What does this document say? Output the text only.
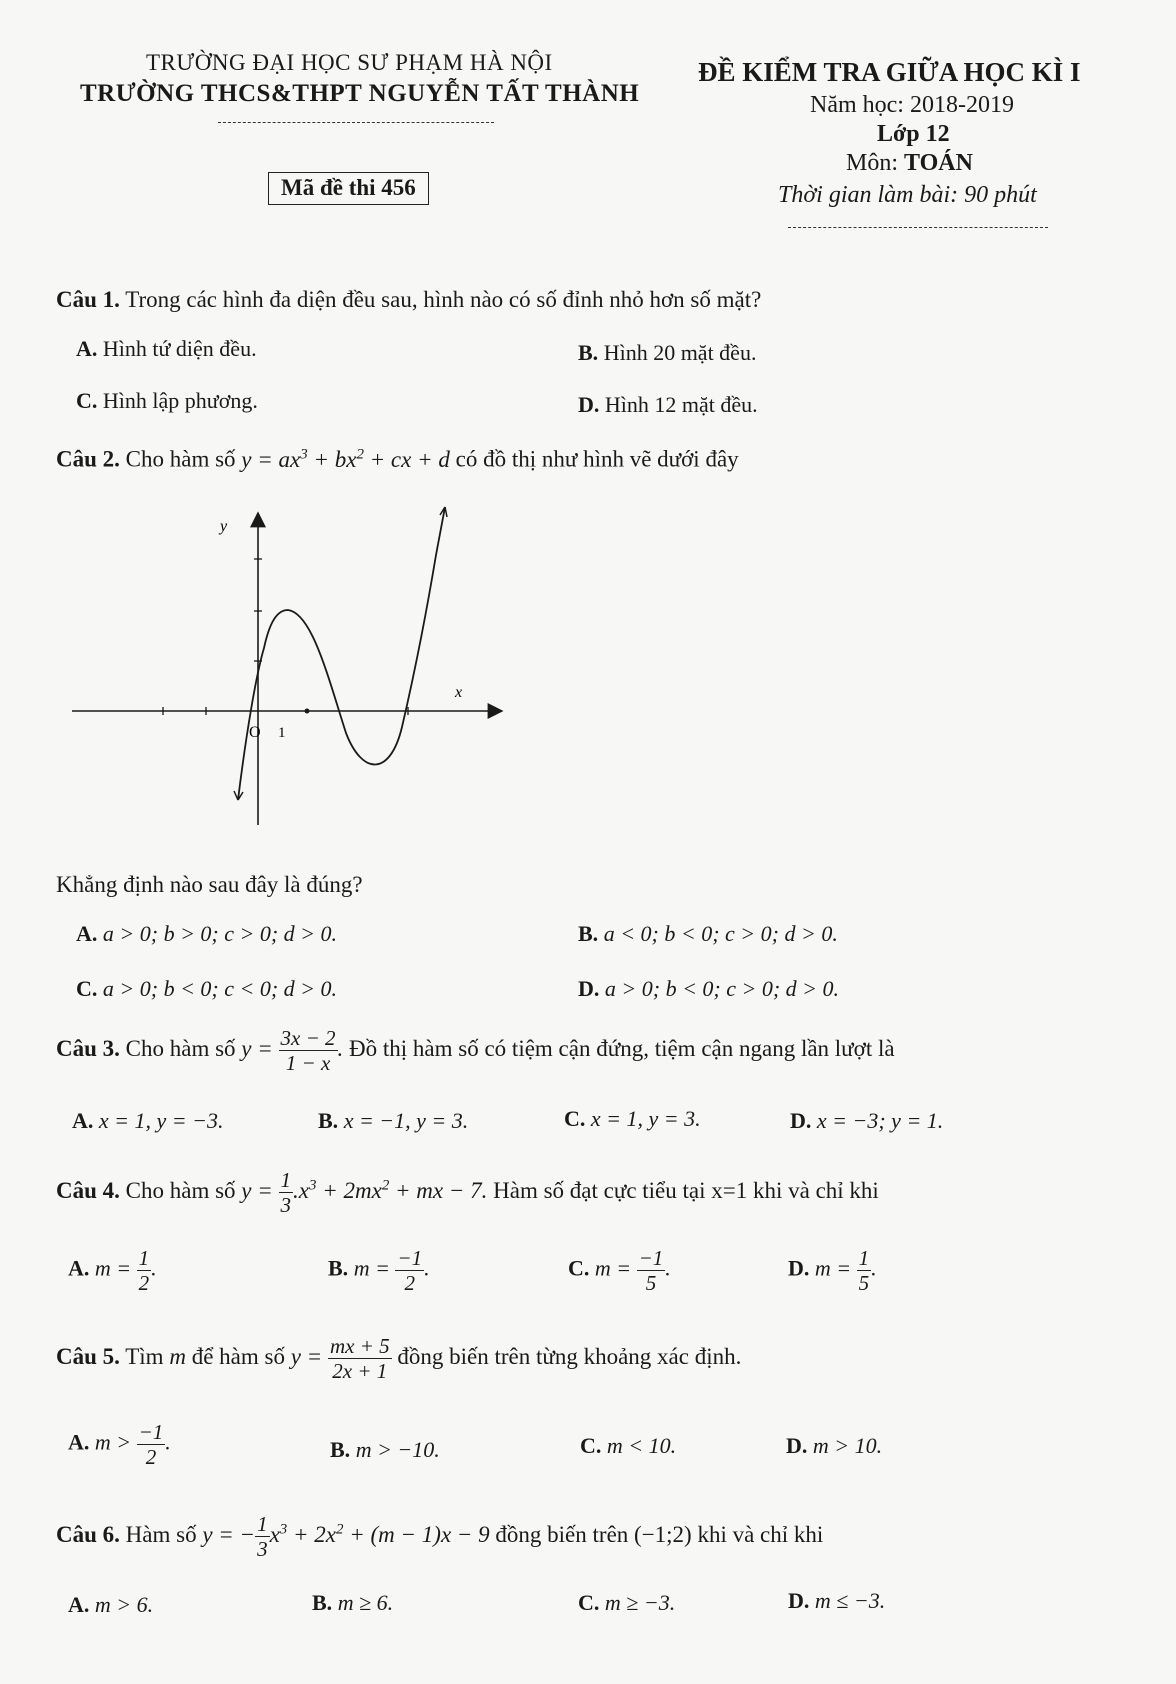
TRƯỜNG ĐẠI HỌC SƯ PHẠM HÀ NỘI
TRƯỜNG THCS&THPT NGUYỄN TẤT THÀNH
Mã đề thi 456
ĐỀ KIỂM TRA GIỮA HỌC KÌ I
Năm học: 2018-2019
Lớp 12
Môn: TOÁN
Thời gian làm bài: 90 phút
Câu 1. Trong các hình đa diện đều sau, hình nào có số đỉnh nhỏ hơn số mặt?
A. Hình tứ diện đều.	B. Hình 20 mặt đều.
C. Hình lập phương.	D. Hình 12 mặt đều.
Câu 2. Cho hàm số $y = ax^3 + bx^2$ + cx + d có đồ thị như hình vẽ dưới đây
y
x
O 1
Khẳng định nào sau đây là đúng?
A. a > 0; b > 0; c > 0; d > 0.	B. a < 0; b < 0; c > 0; d > 0.
C. a > 0; b < 0; c < 0; d > 0.	D. a > 0; b < 0; c > 0; d > 0.
Câu 3. Cho hàm số $y = \frac{3x - 2}{1 - x}$ . Đồ thị hàm số có tiệm cận đứng, tiệm cận ngang lần lượt là
A. x = 1, y = −3.	B. x = −1, y = 3.	C. x = 1, y = 3.	D. x = −3; y = 1.
Câu 4. Cho hàm số $y = \frac{1}{3} .x^3 + 2mx^2$ + mx − 7. Hàm số đạt cực tiểu tại x=1 khi và chỉ khi
A. $m = \frac{1}{2}$ .	B. $m = \frac{-1}{2}$ .	C. $m = \frac{-1}{5}$ .	D. $m = \frac{1}{5}$ .
Câu 5. Tìm m để hàm số $y = \frac{mx + 5}{2x + 1}$ đồng biến trên từng khoảng xác định.
A. $m > \frac{-1}{2}$ .	B. m > −10.	C. m < 10.	D. m > 10.
Câu 6. Hàm số y = − $\frac{1}{3} x^3 + 2x^2 + (m - 1)x - 9$ đồng biến trên (−1;2) khi và chỉ khi
A. m > 6.	B. m ≥ 6.	C. m ≥ −3.	D. m ≤ −3.
